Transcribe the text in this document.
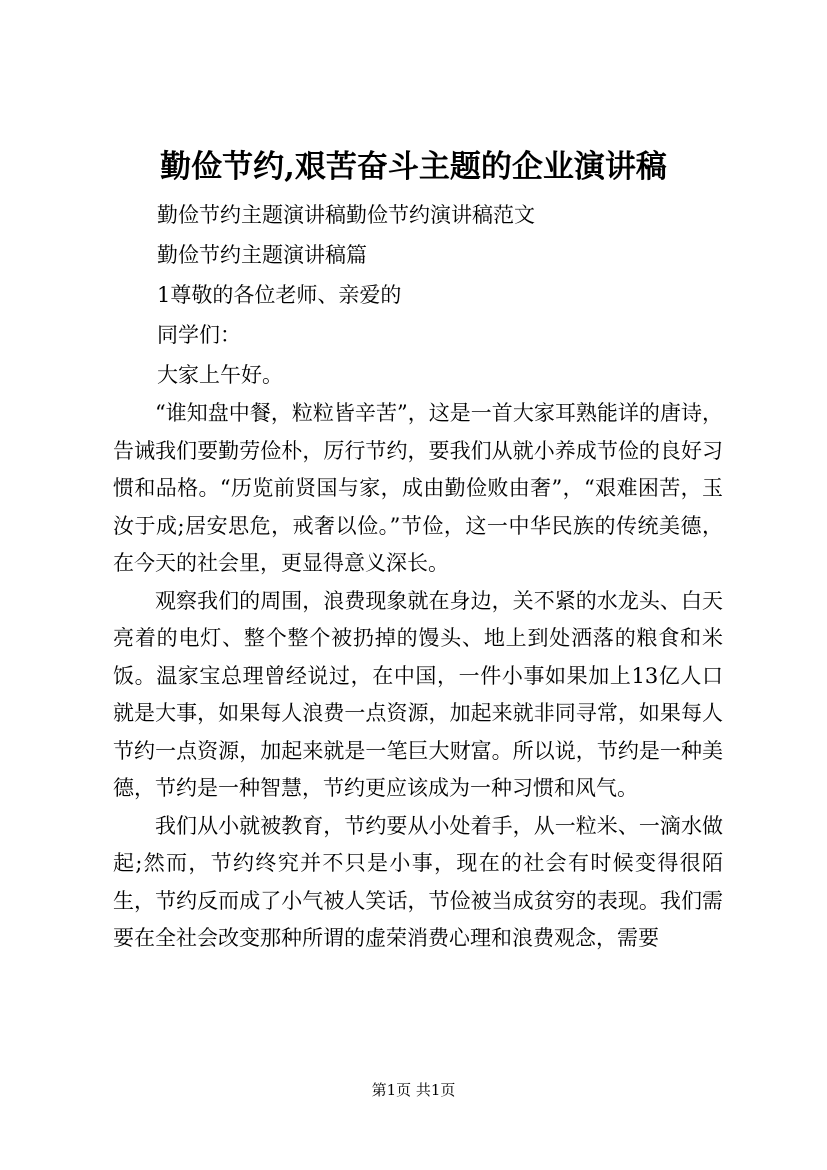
勤俭节约,艰苦奋斗主题的企业演讲稿
勤俭节约主题演讲稿勤俭节约演讲稿范文
勤俭节约主题演讲稿篇
1尊敬的各位老师、亲爱的
同学们：
大家上午好。

“谁知盘中餐，粒粒皆辛苦”，这是一首大家耳熟能详的唐诗，告诫我们要勤劳俭朴，厉行节约，要我们从就小养成节俭的良好习惯和品格。“历览前贤国与家，成由勤俭败由奢”，“艰难困苦，玉汝于成;居安思危，戒奢以俭。”节俭，这一中华民族的传统美德，在今天的社会里，更显得意义深长。

观察我们的周围，浪费现象就在身边，关不紧的水龙头、白天亮着的电灯、整个整个被扔掉的馒头、地上到处洒落的粮食和米饭。温家宝总理曾经说过，在中国，一件小事如果加上13亿人口就是大事，如果每人浪费一点资源，加起来就非同寻常，如果每人节约一点资源，加起来就是一笔巨大财富。所以说，节约是一种美德，节约是一种智慧，节约更应该成为一种习惯和风气。

我们从小就被教育，节约要从小处着手，从一粒米、一滴水做起;然而，节约终究并不只是小事，现在的社会有时候变得很陌生，节约反而成了小气被人笑话，节俭被当成贫穷的表现。我们需要在全社会改变那种所谓的虚荣消费心理和浪费观念，需要

第1页 共1页
